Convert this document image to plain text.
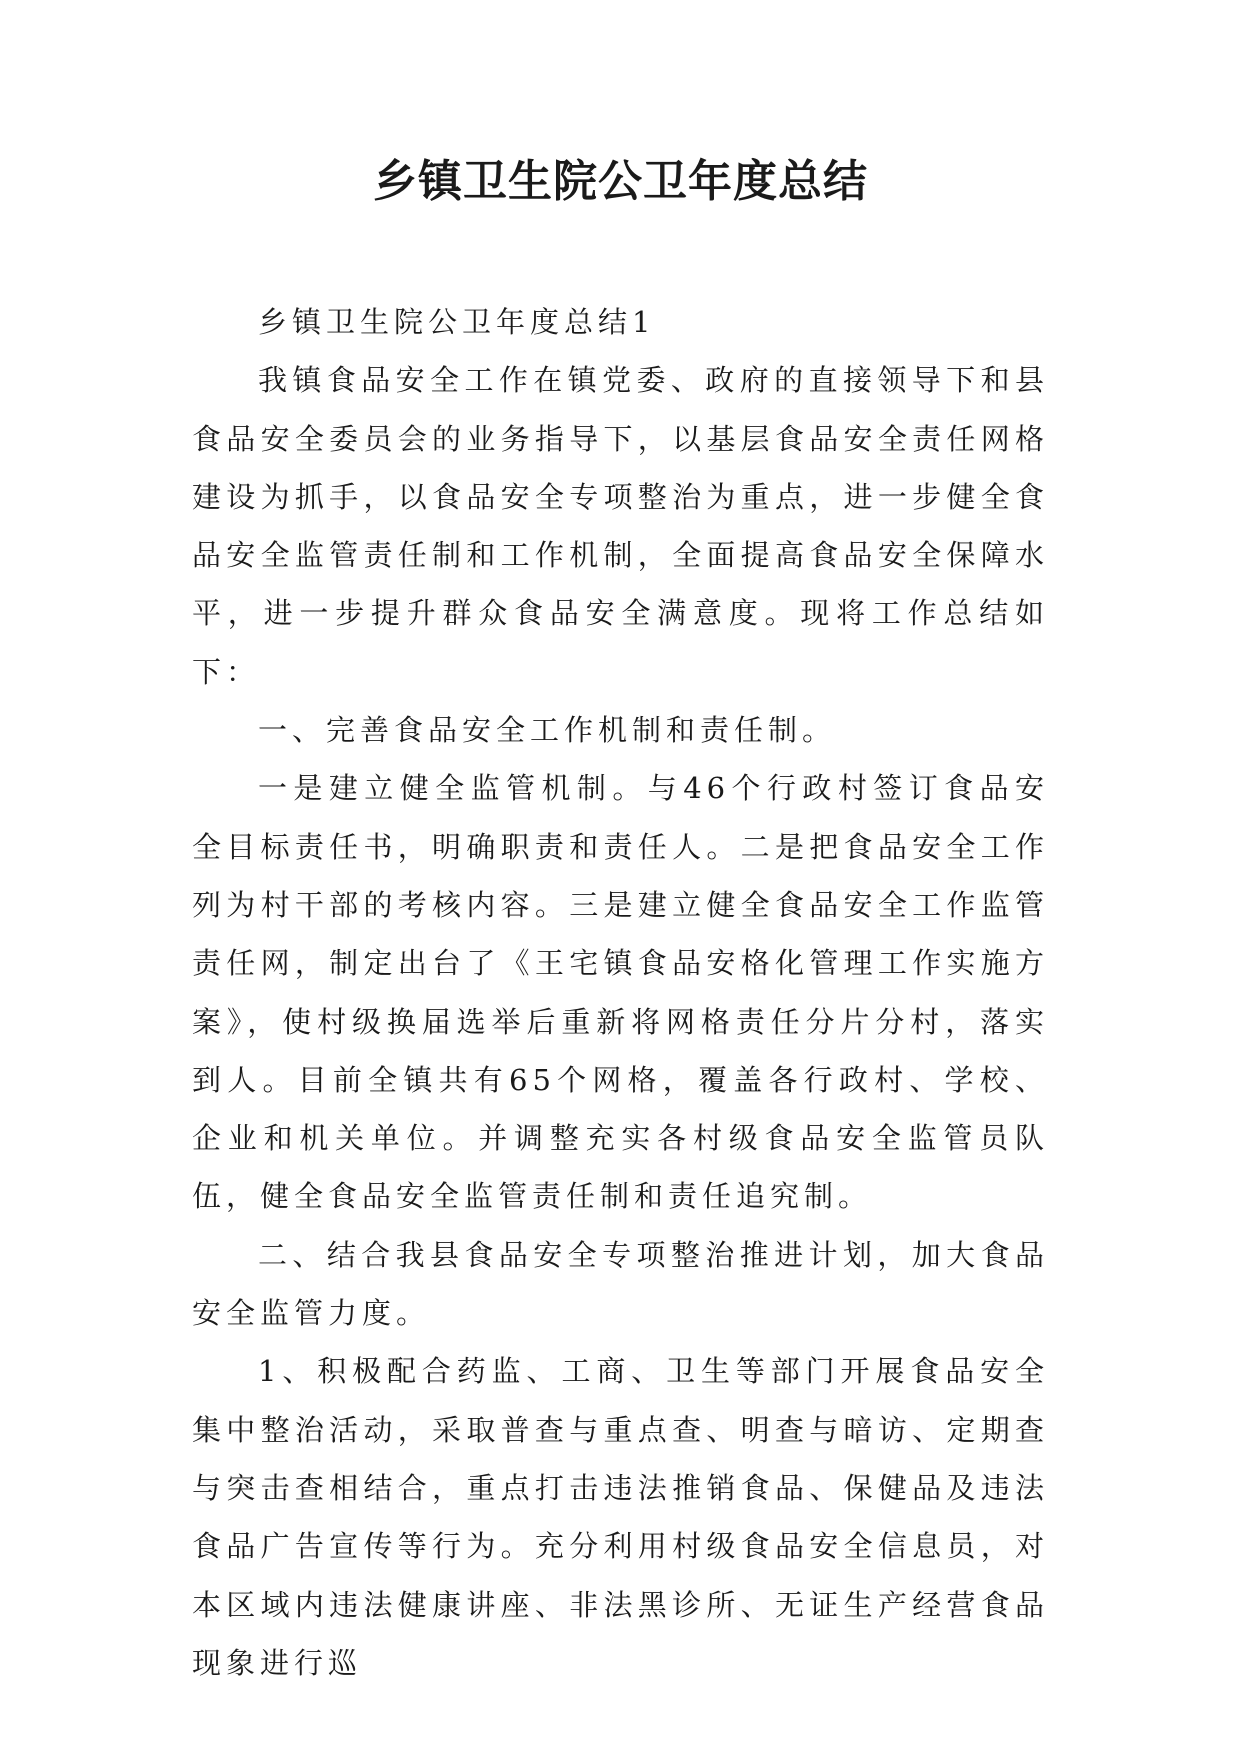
乡镇卫生院公卫年度总结

乡镇卫生院公卫年度总结1

我镇食品安全工作在镇党委、政府的直接领导下和县食品安全委员会的业务指导下，以基层食品安全责任网格建设为抓手，以食品安全专项整治为重点，进一步健全食品安全监管责任制和工作机制，全面提高食品安全保障水平，进一步提升群众食品安全满意度。现将工作总结如下：

一、完善食品安全工作机制和责任制。

一是建立健全监管机制。与46个行政村签订食品安全目标责任书，明确职责和责任人。二是把食品安全工作列为村干部的考核内容。三是建立健全食品安全工作监管责任网，制定出台了《王宅镇食品安格化管理工作实施方案》，使村级换届选举后重新将网格责任分片分村，落实到人。目前全镇共有65个网格，覆盖各行政村、学校、企业和机关单位。并调整充实各村级食品安全监管员队伍，健全食品安全监管责任制和责任追究制。

二、结合我县食品安全专项整治推进计划，加大食品安全监管力度。

1、积极配合药监、工商、卫生等部门开展食品安全集中整治活动，采取普查与重点查、明查与暗访、定期查与突击查相结合，重点打击违法推销食品、保健品及违法食品广告宣传等行为。充分利用村级食品安全信息员，对本区域内违法健康讲座、非法黑诊所、无证生产经营食品现象进行巡
